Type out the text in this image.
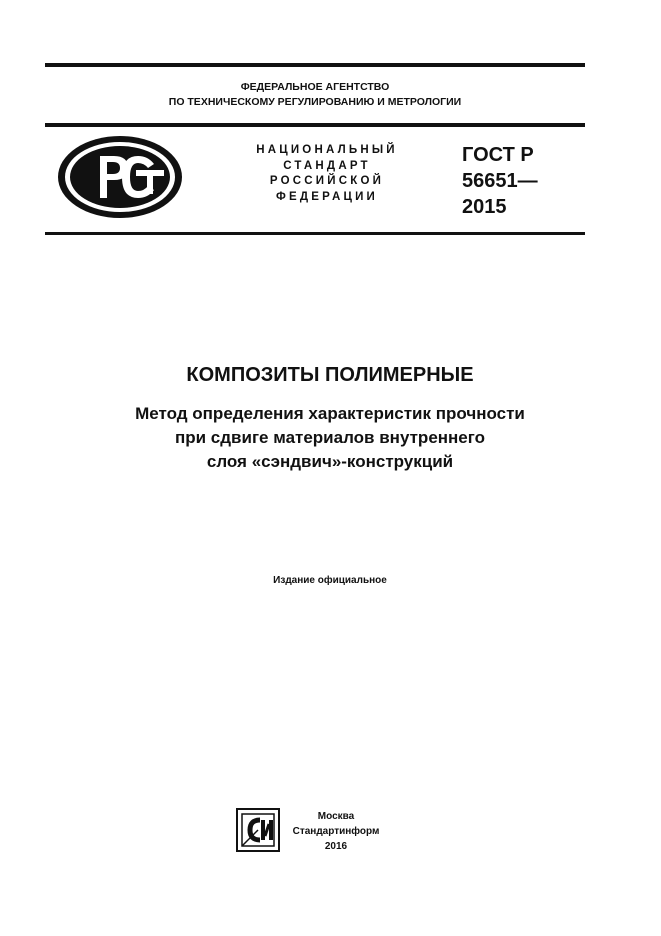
ФЕДЕРАЛЬНОЕ АГЕНТСТВО
ПО ТЕХНИЧЕСКОМУ РЕГУЛИРОВАНИЮ И МЕТРОЛОГИИ
НАЦИОНАЛЬНЫЙ
СТАНДАРТ
РОССИЙСКОЙ
ФЕДЕРАЦИИ
ГОСТ Р
56651—
2015
КОМПОЗИТЫ ПОЛИМЕРНЫЕ
Метод определения характеристик прочности
при сдвиге материалов внутреннего
слоя «сэндвич»-конструкций
Издание официальное
Москва
Стандартинформ
2016
